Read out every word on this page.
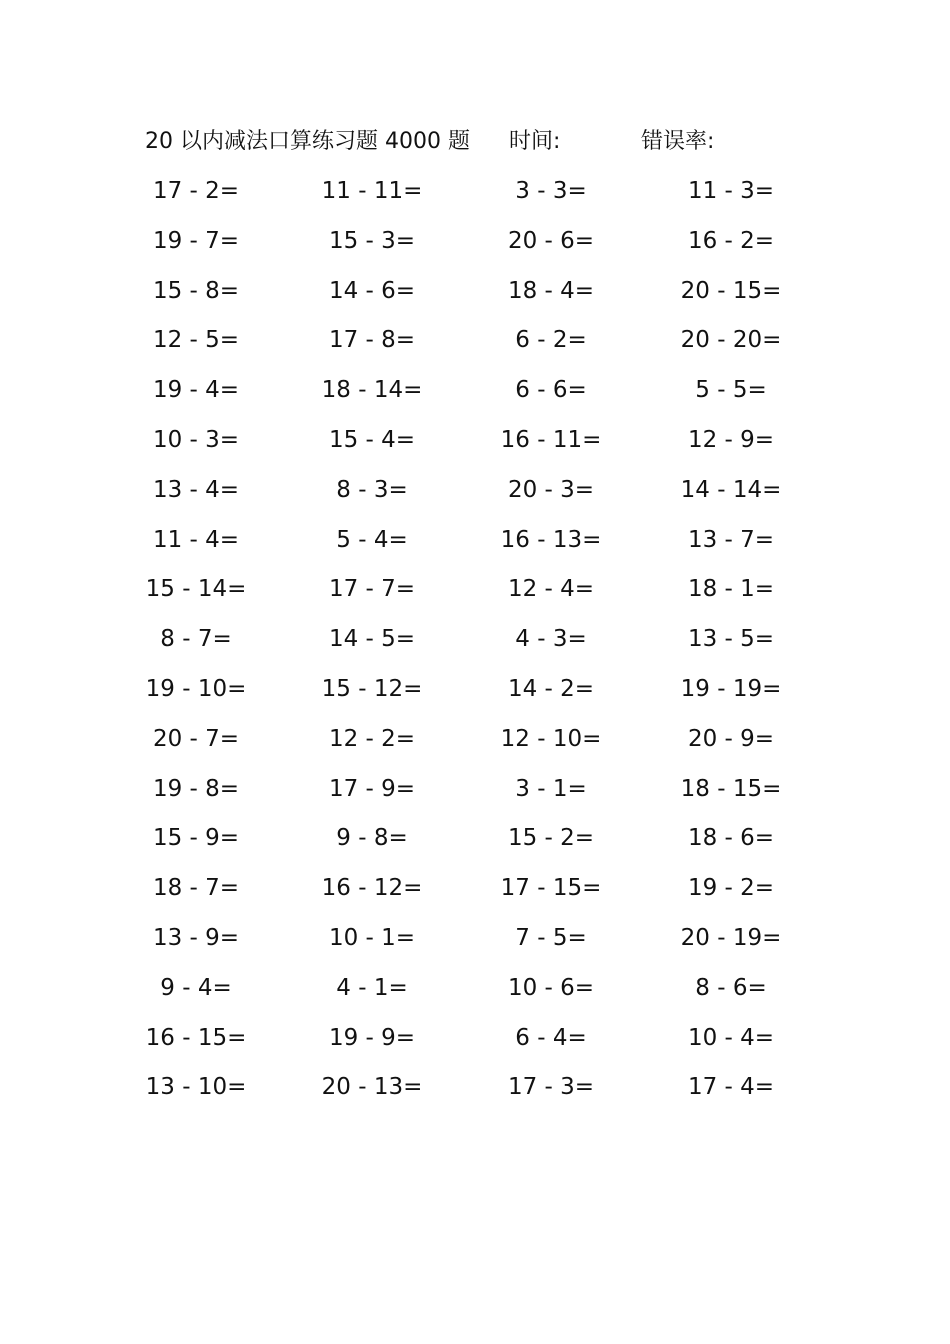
20 以内减法口算练习题 4000 题 时间:	错误率:
17 - 2=	11 - 11=	3 - 3=	11 - 3=
19 - 7=	15 - 3=	20 - 6=	16 - 2=
15 - 8=	14 - 6=	18 - 4=	20 - 15=
12 - 5=	17 - 8=	6 - 2=	20 - 20=
19 - 4=	18 - 14=	6 - 6=	5 - 5=
10 - 3=	15 - 4=	16 - 11=	12 - 9=
13 - 4=	8 - 3=	20 - 3=	14 - 14=
11 - 4=	5 - 4=	16 - 13=	13 - 7=
15 - 14=	17 - 7=	12 - 4=	18 - 1=
8 - 7=	14 - 5=	4 - 3=	13 - 5=
19 - 10=	15 - 12=	14 - 2=	19 - 19=
20 - 7=	12 - 2=	12 - 10=	20 - 9=
19 - 8=	17 - 9=	3 - 1=	18 - 15=
15 - 9=	9 - 8=	15 - 2=	18 - 6=
18 - 7=	16 - 12=	17 - 15=	19 - 2=
13 - 9=	10 - 1=	7 - 5=	20 - 19=
9 - 4=	4 - 1=	10 - 6=	8 - 6=
16 - 15=	19 - 9=	6 - 4=	10 - 4=
13 - 10=	20 - 13=	17 - 3=	17 - 4=
